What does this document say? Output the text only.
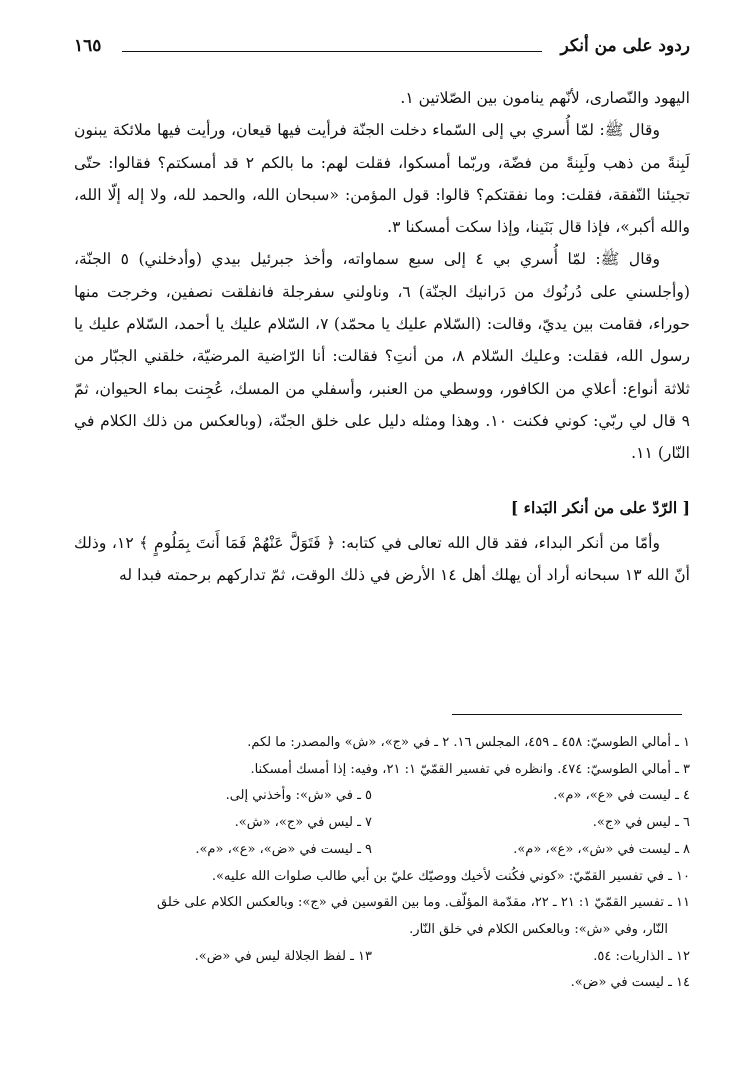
ردود على من أنكر
١٦٥

اليهود والنّصارى، لأنّهم ينامون بين الصّلاتين ١.

وقال ﷺ: لمّا أُسري بي إلى السّماء دخلت الجنّة فرأيت فيها قيعان، ورأيت فيها ملائكة يبنون لَبِنةً من ذهب ولَبِنةً من فضّة، وربّما أمسكوا، فقلت لهم: ما بالكم ٢ قد أمسكتم؟ فقالوا: حتّى تجيئنا النّفقة، فقلت: وما نفقتكم؟ قالوا: قول المؤمن: «سبحان الله، والحمد لله، ولا إله إلّا الله، والله أكبر»، فإذا قال بَنَينا، وإذا سكت أمسكنا ٣.

وقال ﷺ: لمّا أُسري بي ٤ إلى سبع سماواته، وأخذ جبرئيل بيدي (وأدخلني) ٥ الجنّة، (وأجلسني على دُرنُوك من دَرانيك الجنّة) ٦، وناولني سفرجلة فانفلقت نصفين، وخرجت منها حوراء، فقامت بين يديّ، وقالت: (السّلام عليك يا محمّد) ٧، السّلام عليك يا أحمد، السّلام عليك يا رسول الله، فقلت: وعليك السّلام ٨، من أنتِ؟ فقالت: أنا الرّاضية المرضيّة، خلقني الجبّار من ثلاثة أنواع: أعلاي من الكافور، ووسطي من العنبر، وأسفلي من المسك، عُجِنت بماء الحيوان، ثمّ ٩ قال لي ربّي: كوني فكنت ١٠. وهذا ومثله دليل على خلق الجنّة، (وبالعكس من ذلك الكلام في النّار) ١١.

[ الرّدّ على من أنكر البَداء ]

وأمّا من أنكر البداء، فقد قال الله تعالى في كتابه: ﴿ فَتَوَلَّ عَنْهُمْ فَمَا أَنتَ بِمَلُومٍ ﴾ ١٢، وذلك أنّ الله ١٣ سبحانه أراد أن يهلك أهل ١٤ الأرض في ذلك الوقت، ثمّ تداركهم برحمته فبدا له

١ ـ أمالي الطوسيّ: ٤٥٨ ـ ٤٥٩، المجلس ١٦. ٢ ـ في «ج»، «ش» والمصدر: ما لكم.
٣ ـ أمالي الطوسيّ: ٤٧٤. وانظره في تفسير القمّيّ ١: ٢١، وفيه: إذا أمسك أمسكنا.
٤ ـ ليست في «ع»، «م».
٥ ـ في «ش»: وأخذني إلى.
٦ ـ ليس في «ج».
٧ ـ ليس في «ج»، «ش».
٨ ـ ليست في «ش»، «ع»، «م».
٩ ـ ليست في «ض»، «ع»، «م».
١٠ ـ في تفسير القمّيّ: «كوني فكُنت لأخيك ووصيّك عليّ بن أبي طالب صلوات الله عليه».
١١ ـ تفسير القمّيّ ١: ٢١ ـ ٢٢، مقدّمة المؤلّف. وما بين القوسين في «ج»: وبالعكس الكلام على خلق
النّار، وفي «ش»: وبالعكس الكلام في خلق النّار.
١٢ ـ الذاريات: ٥٤.
١٣ ـ لفظ الجلالة ليس في «ض».
١٤ ـ ليست في «ض».
